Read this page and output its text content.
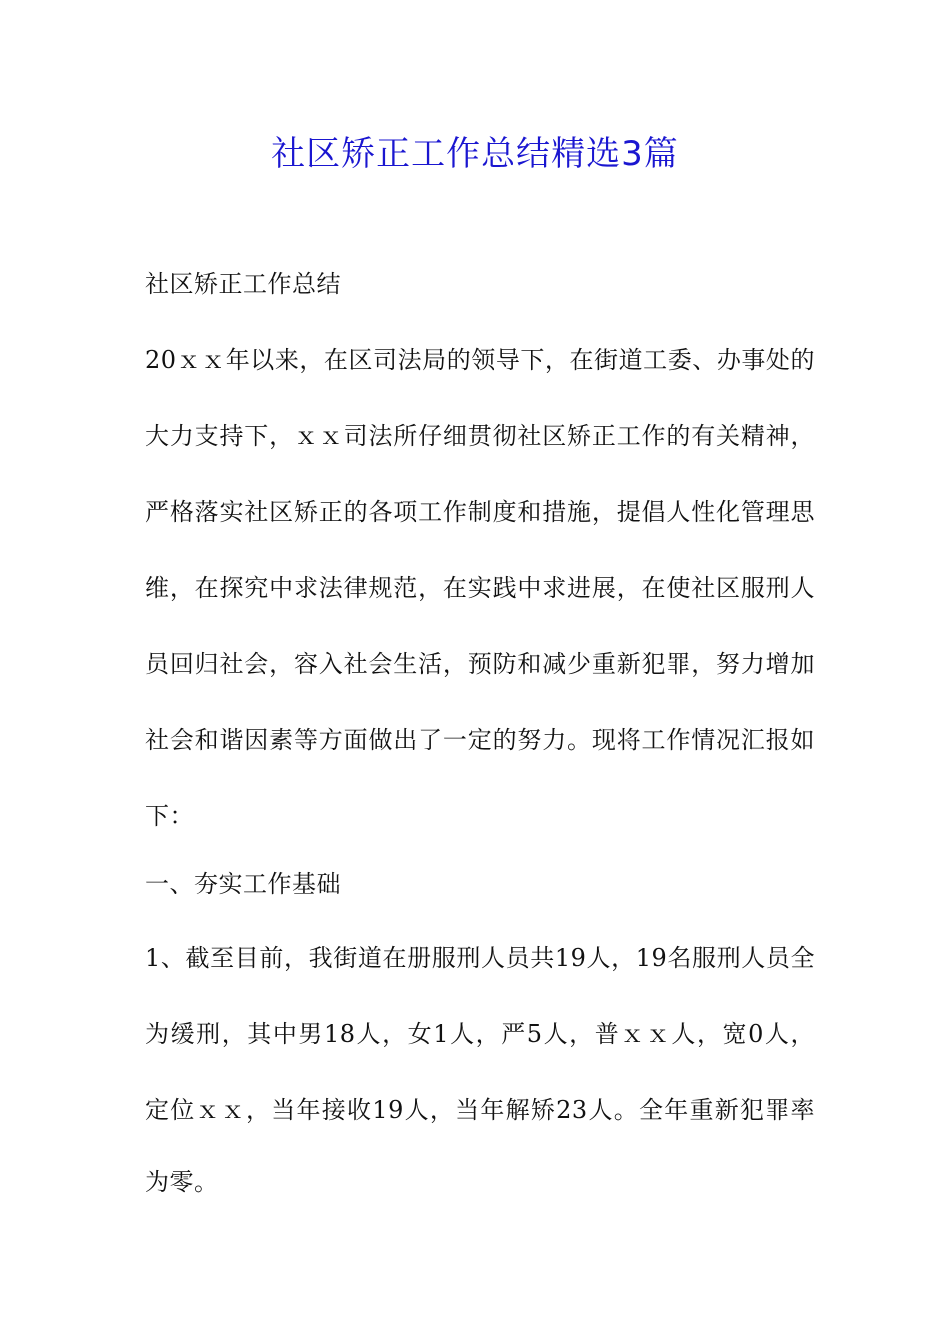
社区矫正工作总结精选3篇

社区矫正工作总结

20ｘｘ年以来，在区司法局的领导下，在街道工委、办事处的

大力支持下，ｘｘ司法所仔细贯彻社区矫正工作的有关精神，

严格落实社区矫正的各项工作制度和措施，提倡人性化管理思

维，在探究中求法律规范，在实践中求进展，在使社区服刑人

员回归社会，容入社会生活，预防和减少重新犯罪，努力增加

社会和谐因素等方面做出了一定的努力。现将工作情况汇报如

下：

一、夯实工作基础

1、截至目前，我街道在册服刑人员共19人，19名服刑人员全

为缓刑，其中男18人，女1人，严5人，普ｘｘ人，宽0人，

定位ｘｘ，当年接收19人，当年解矫23人。全年重新犯罪率

为零。
